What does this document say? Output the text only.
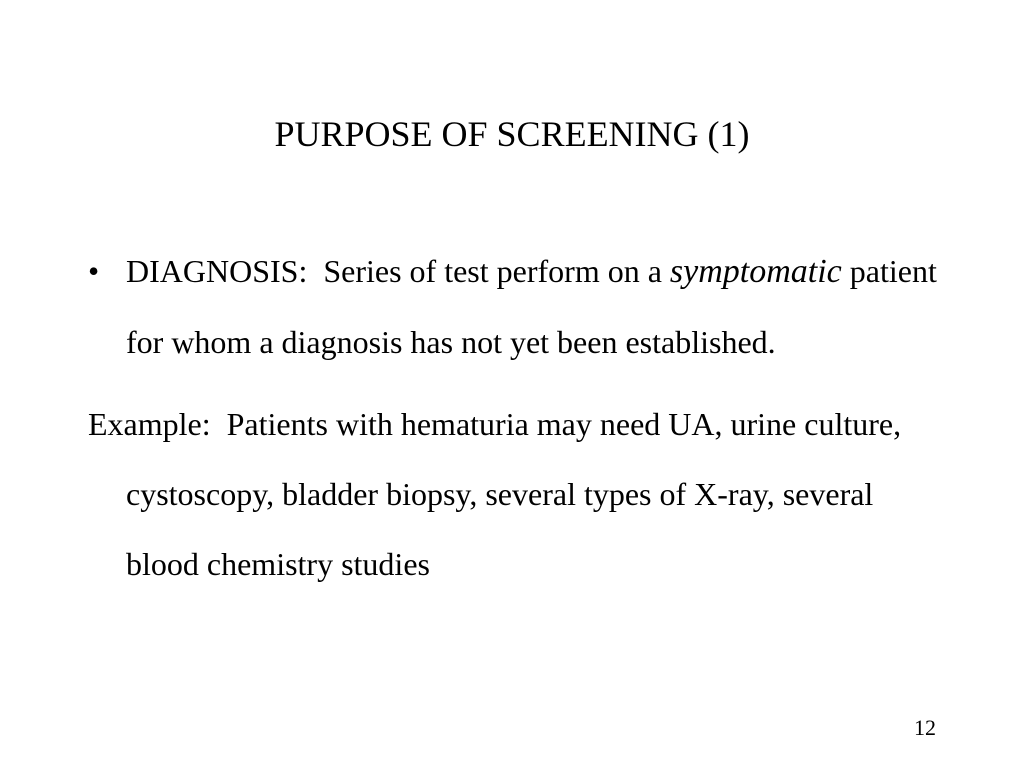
PURPOSE OF SCREENING (1)

• DIAGNOSIS: Series of test perform on a symptomatic patient for whom a diagnosis has not yet been established.

Example: Patients with hematuria may need UA, urine culture, cystoscopy, bladder biopsy, several types of X-ray, several blood chemistry studies

12
